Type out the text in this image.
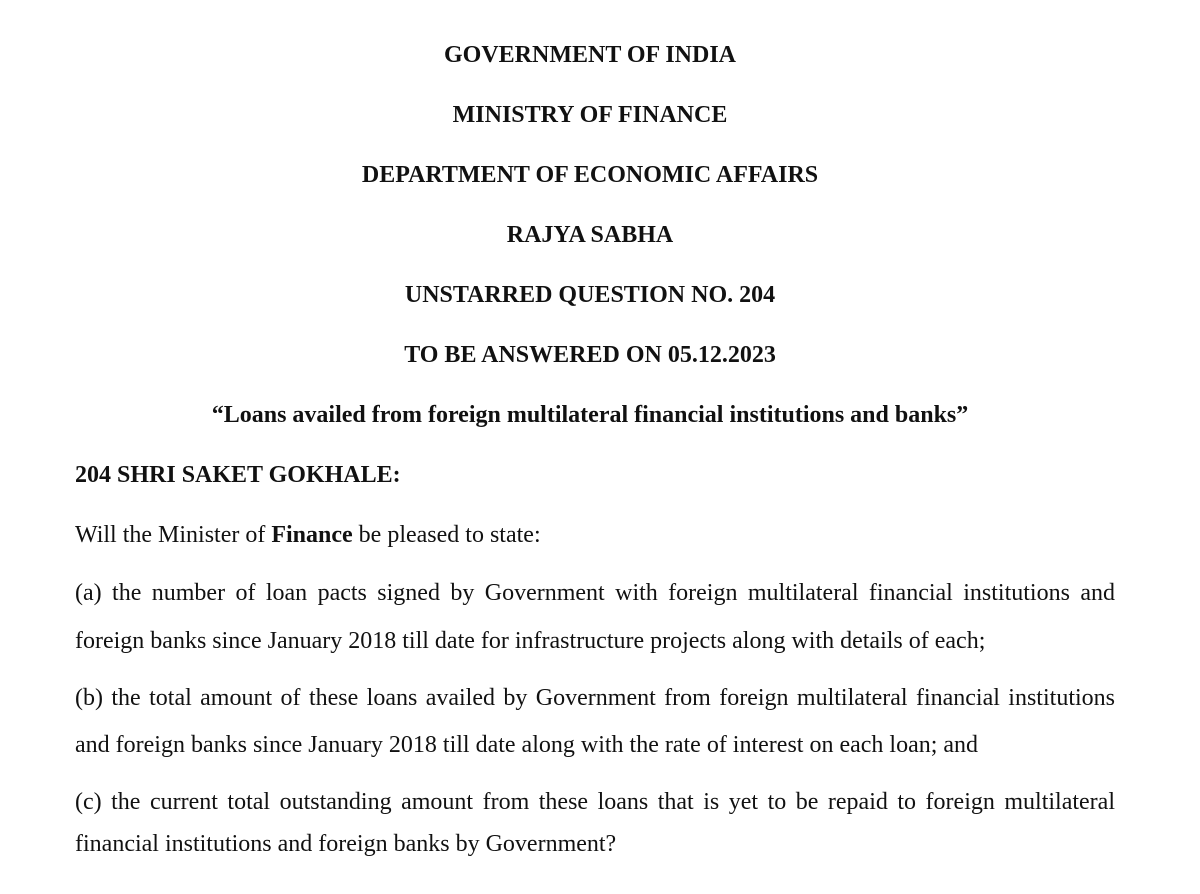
GOVERNMENT OF INDIA
MINISTRY OF FINANCE
DEPARTMENT OF ECONOMIC AFFAIRS
RAJYA SABHA
UNSTARRED QUESTION NO. 204
TO BE ANSWERED ON 05.12.2023
“Loans availed from foreign multilateral financial institutions and banks”
204 SHRI SAKET GOKHALE:
Will the Minister of Finance be pleased to state:
(a) the number of loan pacts signed by Government with foreign multilateral financial institutions and
foreign banks since January 2018 till date for infrastructure projects along with details of each;
(b) the total amount of these loans availed by Government from foreign multilateral financial institutions
and foreign banks since January 2018 till date along with the rate of interest on each loan; and
(c) the current total outstanding amount from these loans that is yet to be repaid to foreign multilateral
financial institutions and foreign banks by Government?
